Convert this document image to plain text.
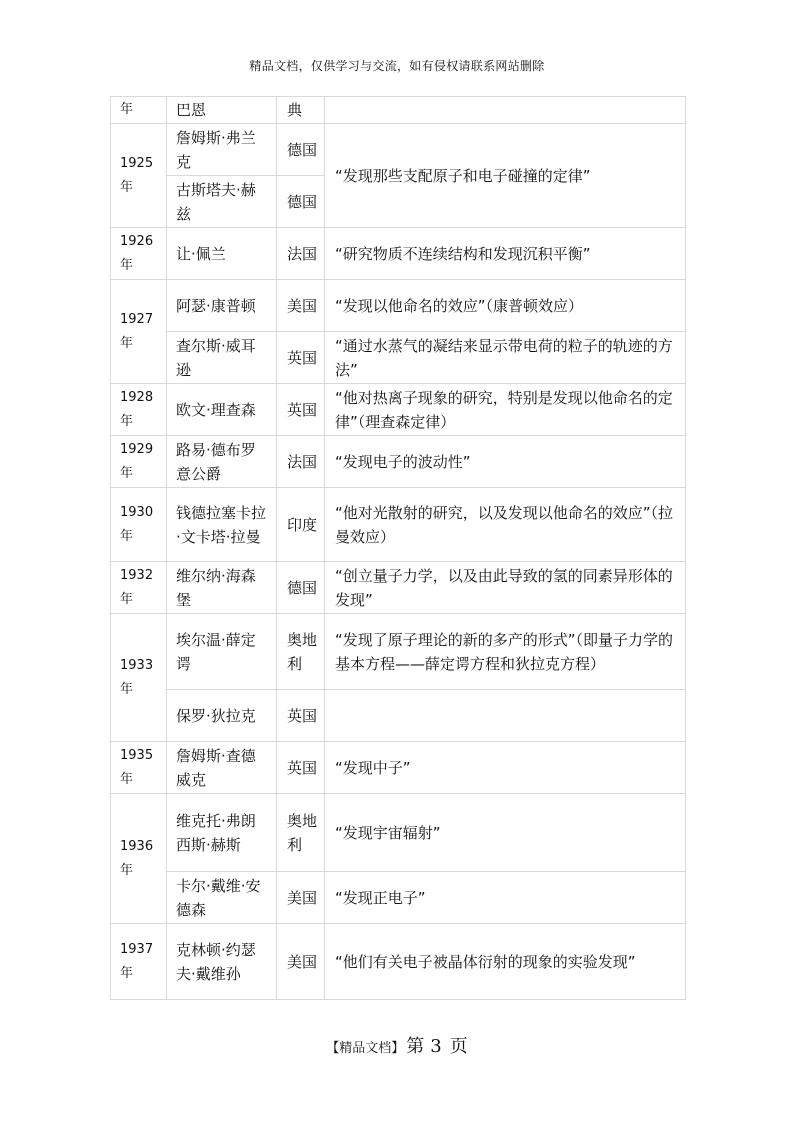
精品文档，仅供学习与交流，如有侵权请联系网站删除
年	巴恩	典	
1925年	詹姆斯·弗兰克	德国	“发现那些支配原子和电子碰撞的定律”
	古斯塔夫·赫兹	德国	
1926年	让·佩兰	法国	“研究物质不连续结构和发现沉积平衡”
1927年	阿瑟·康普顿	美国	“发现以他命名的效应”（康普顿效应）
	查尔斯·威耳逊	英国	“通过水蒸气的凝结来显示带电荷的粒子的轨迹的方法”
1928年	欧文·理查森	英国	“他对热离子现象的研究，特别是发现以他命名的定律”（理查森定律）
1929年	路易·德布罗意公爵	法国	“发现电子的波动性”
1930年	钱德拉塞卡拉·文卡塔·拉曼	印度	“他对光散射的研究，以及发现以他命名的效应”（拉曼效应）
1932年	维尔纳·海森堡	德国	“创立量子力学，以及由此导致的氢的同素异形体的发现”
1933年	埃尔温·薛定谔	奥地利	“发现了原子理论的新的多产的形式”（即量子力学的基本方程——薛定谔方程和狄拉克方程）
	保罗·狄拉克	英国	
1935年	詹姆斯·查德威克	英国	“发现中子”
1936年	维克托·弗朗西斯·赫斯	奥地利	“发现宇宙辐射”
	卡尔·戴维·安德森	美国	“发现正电子”
1937年	克林顿·约瑟夫·戴维孙	美国	“他们有关电子被晶体衍射的现象的实验发现”
【精品文档】 第 3 页
